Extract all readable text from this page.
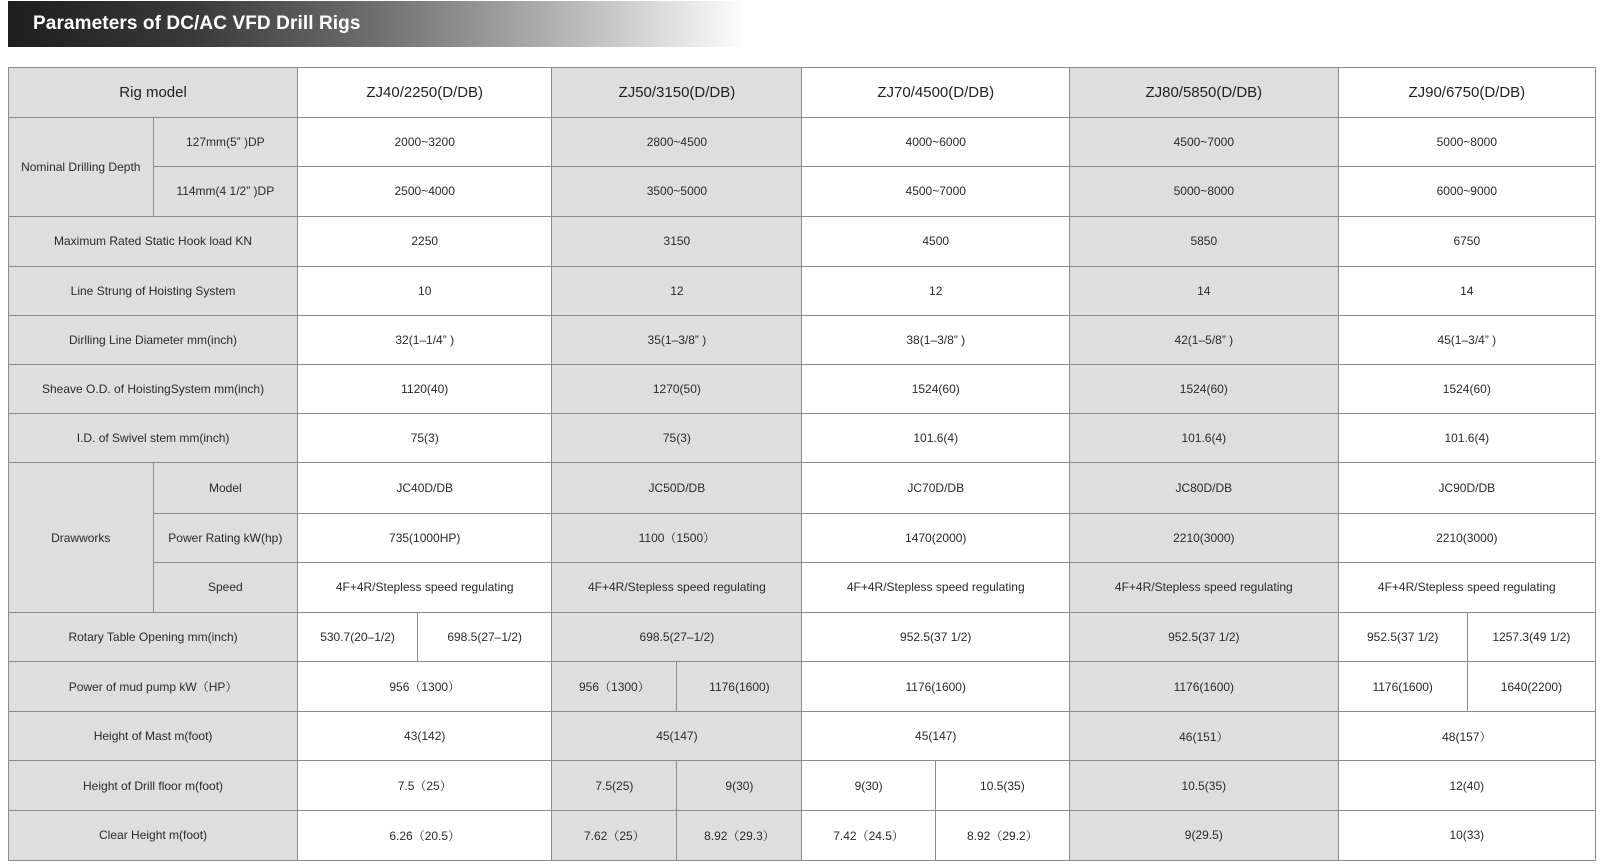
Parameters of DC/AC VFD Drill Rigs
Rig model		ZJ40/2250(D/DB)		ZJ50/3150(D/DB)		ZJ70/4500(D/DB)		ZJ80/5850(D/DB)	ZJ90/6750(D/DB)	
Nominal Drilling Depth	127mm(5” )DP	2000~3200		2800~4500		4000~6000		4500~7000	5000~8000	
	114mm(4 1/2” )DP	2500~4000		3500~5000		4500~7000		5000~8000	6000~9000	
Maximum Rated Static Hook load KN		2250		3150		4500		5850	6750	
Line Strung of Hoisting System		10		12		12		14	14	
Dirlling Line Diameter mm(inch)		32(1–1/4” )		35(1–3/8” )		38(1–3/8” )		42(1–5/8” )	45(1–3/4” )	
Sheave O.D. of HoistingSystem mm(inch)		1120(40)		1270(50)		1524(60)		1524(60)	1524(60)	
I.D. of Swivel stem mm(inch)		75(3)		75(3)		101.6(4)		101.6(4)	101.6(4)	
Drawworks	Model	JC40D/DB		JC50D/DB		JC70D/DB		JC80D/DB	JC90D/DB	
	Power Rating kW(hp)	735(1000HP)		1100（1500）		1470(2000)		2210(3000)	2210(3000)	
	Speed	4F+4R/Stepless speed regulating		4F+4R/Stepless speed regulating		4F+4R/Stepless speed regulating		4F+4R/Stepless speed regulating	4F+4R/Stepless speed regulating	
Rotary Table Opening mm(inch)		530.7(20–1/2)	698.5(27–1/2)	698.5(27–1/2)		952.5(37 1/2)		952.5(37 1/2)	952.5(37 1/2)	1257.3(49 1/2)
Power of mud pump kW（HP）		956（1300）		956（1300）	1176(1600)	1176(1600)		1176(1600)	1176(1600)	1640(2200)
Height of Mast m(foot)		43(142)		45(147)		45(147)		46(151）	48(157）	
Height of Drill floor m(foot)		7.5（25）		7.5(25)	9(30)	9(30)	10.5(35)	10.5(35)	12(40)	
Clear Height m(foot)		6.26（20.5）		7.62（25）	8.92（29.3）	7.42（24.5）	8.92（29.2）	9(29.5)	10(33)	
